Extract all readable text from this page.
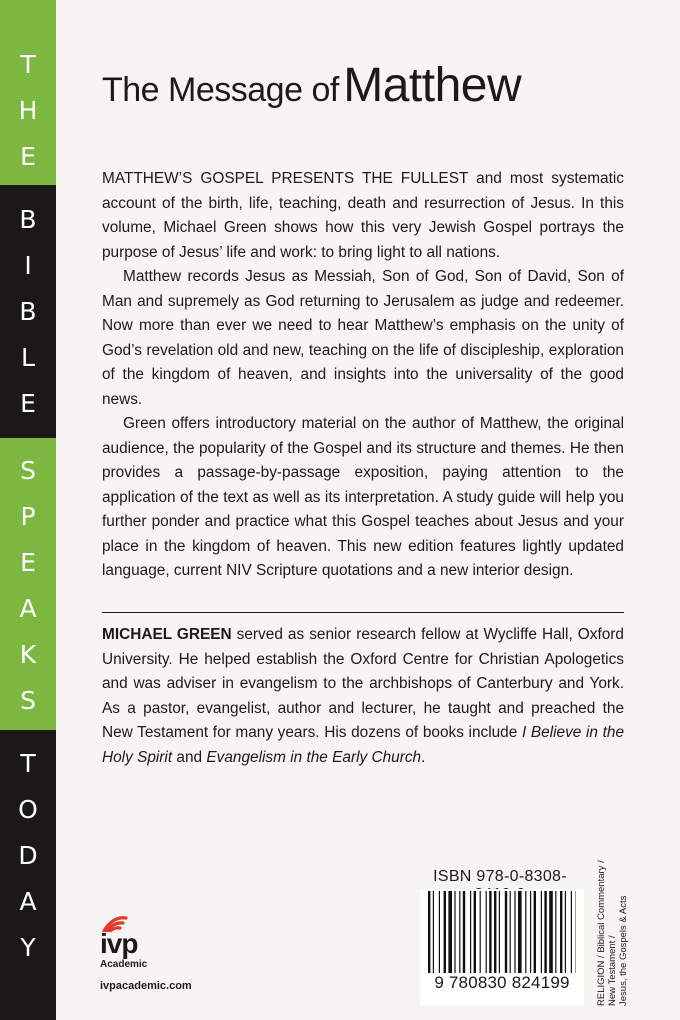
T
H
E
B
I
B
L
E
S
P
E
A
K
S
T
O
D
A
Y
The Message of Matthew

MATTHEW’S GOSPEL PRESENTS THE FULLEST and most systematic account of the birth, life, teaching, death and resurrection of Jesus. In this volume, Michael Green shows how this very Jewish Gospel portrays the purpose of Jesus’ life and work: to bring light to all nations.

Matthew records Jesus as Messiah, Son of God, Son of David, Son of Man and supremely as God returning to Jerusalem as judge and redeemer. Now more than ever we need to hear Matthew’s emphasis on the unity of God’s revelation old and new, teaching on the life of discipleship, exploration of the kingdom of heaven, and insights into the universality of the good news.

Green offers introductory material on the author of Matthew, the original audience, the popularity of the Gospel and its structure and themes. He then provides a passage-by-passage exposition, paying attention to the application of the text as well as its interpretation. A study guide will help you further ponder and practice what this Gospel teaches about Jesus and your place in the kingdom of heaven. This new edition features lightly updated language, current NIV Scripture quotations and a new interior design.

MICHAEL GREEN served as senior research fellow at Wycliffe Hall, Oxford University. He helped establish the Oxford Centre for Christian Apologetics and was adviser in evangelism to the archbishops of Canterbury and York. As a pastor, evangelist, author and lecturer, he taught and preached the New Testament for many years. His dozens of books include I Believe in the Holy Spirit and Evangelism in the Early Church.

ivp
Academic
ivpacademic.com
ISBN 978-0-8308-
9 780830 824199	RELIGION / Biblical Commentary / New Testament / Jesus, the Gospels & Acts
